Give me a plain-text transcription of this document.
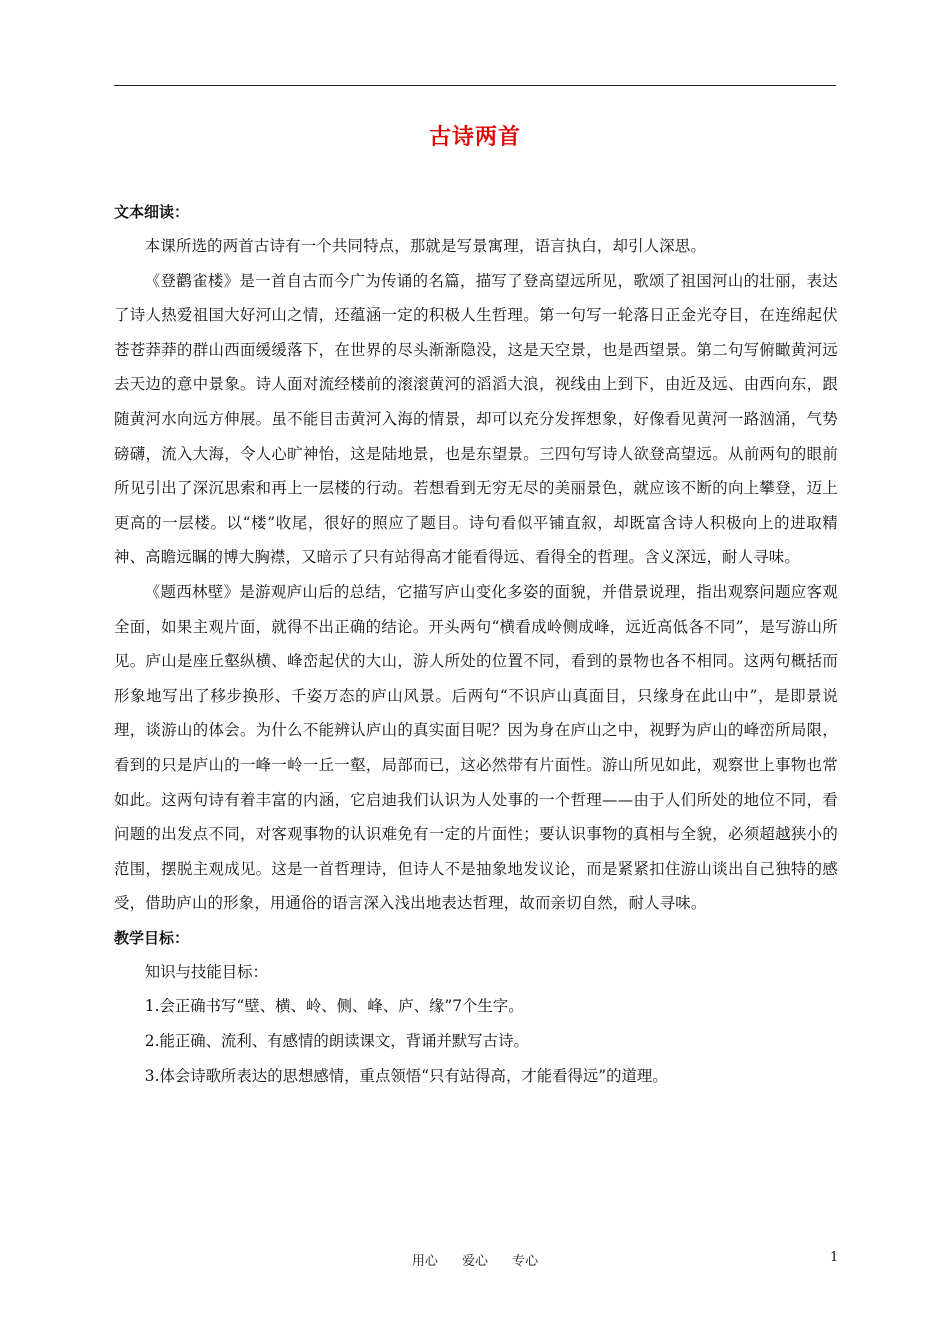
古诗两首
文本细读：

本课所选的两首古诗有一个共同特点，那就是写景寓理，语言执白，却引人深思。

《登鹳雀楼》是一首自古而今广为传诵的名篇，描写了登高望远所见，歌颂了祖国河山的壮丽，表达了诗人热爱祖国大好河山之情，还蕴涵一定的积极人生哲理。第一句写一轮落日正金光夺目，在连绵起伏苍苍莽莽的群山西面缓缓落下，在世界的尽头渐渐隐没，这是天空景，也是西望景。第二句写俯瞰黄河远去天边的意中景象。诗人面对流经楼前的滚滚黄河的滔滔大浪，视线由上到下，由近及远、由西向东，跟随黄河水向远方伸展。虽不能目击黄河入海的情景，却可以充分发挥想象，好像看见黄河一路汹涌，气势磅礴，流入大海，令人心旷神怡，这是陆地景，也是东望景。三四句写诗人欲登高望远。从前两句的眼前所见引出了深沉思索和再上一层楼的行动。若想看到无穷无尽的美丽景色，就应该不断的向上攀登，迈上更高的一层楼。以“楼”收尾，很好的照应了题目。诗句看似平铺直叙，却既富含诗人积极向上的进取精神、高瞻远瞩的博大胸襟，又暗示了只有站得高才能看得远、看得全的哲理。含义深远，耐人寻味。

《题西林壁》是游观庐山后的总结，它描写庐山变化多姿的面貌，并借景说理，指出观察问题应客观全面，如果主观片面，就得不出正确的结论。开头两句“横看成岭侧成峰，远近高低各不同”，是写游山所见。庐山是座丘壑纵横、峰峦起伏的大山，游人所处的位置不同，看到的景物也各不相同。这两句概括而形象地写出了移步换形、千姿万态的庐山风景。后两句“不识庐山真面目，只缘身在此山中”，是即景说理，谈游山的体会。为什么不能辨认庐山的真实面目呢？因为身在庐山之中，视野为庐山的峰峦所局限，看到的只是庐山的一峰一岭一丘一壑，局部而已，这必然带有片面性。游山所见如此，观察世上事物也常如此。这两句诗有着丰富的内涵，它启迪我们认识为人处事的一个哲理——由于人们所处的地位不同，看问题的出发点不同，对客观事物的认识难免有一定的片面性；要认识事物的真相与全貌，必须超越狭小的范围，摆脱主观成见。这是一首哲理诗，但诗人不是抽象地发议论，而是紧紧扣住游山谈出自己独特的感受，借助庐山的形象，用通俗的语言深入浅出地表达哲理，故而亲切自然，耐人寻味。

教学目标：

知识与技能目标：

1.会正确书写“壁、横、岭、侧、峰、庐、缘”7个生字。

2.能正确、流利、有感情的朗读课文，背诵并默写古诗。

3.体会诗歌所表达的思想感情，重点领悟“只有站得高，才能看得远”的道理。

用心 爱心 专心	1
